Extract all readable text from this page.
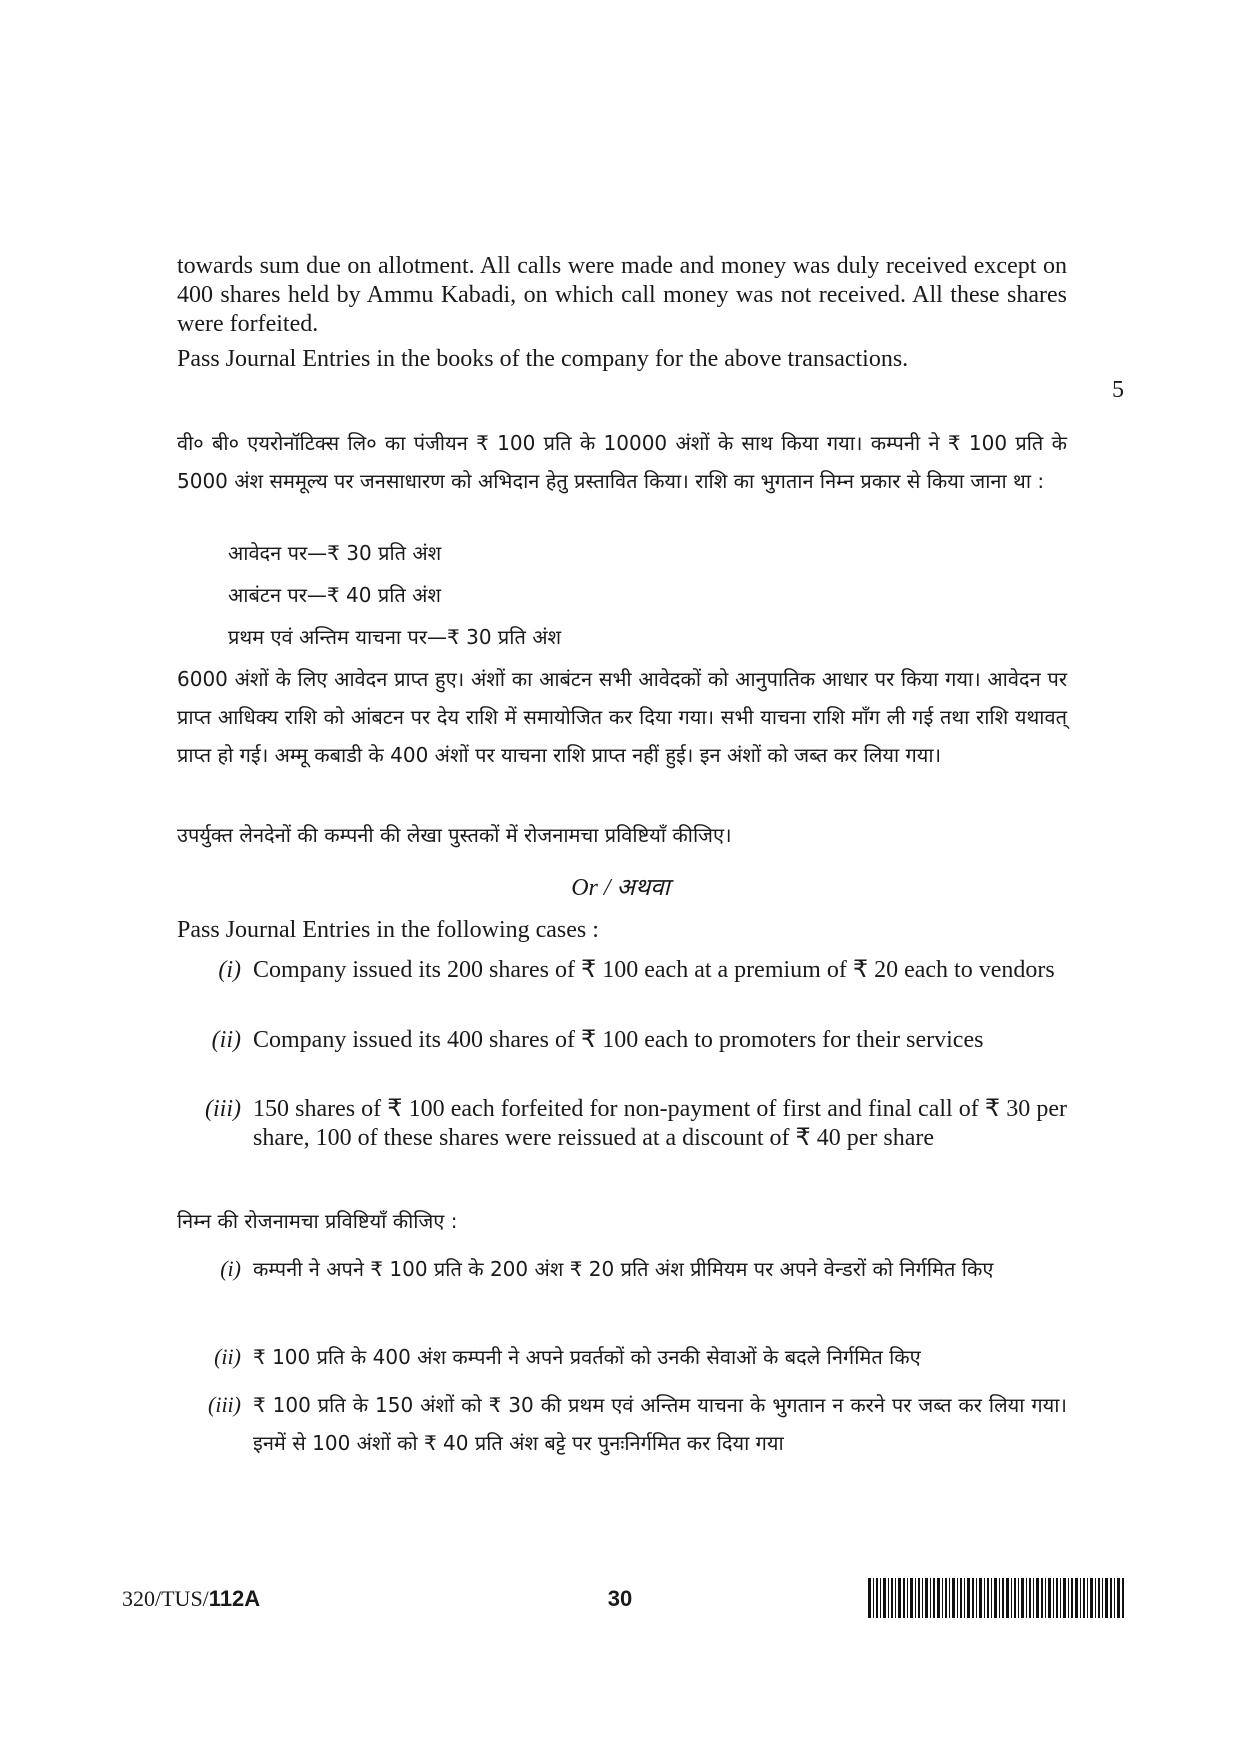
towards sum due on allotment. All calls were made and money was duly received except on 400 shares held by Ammu Kabadi, on which call money was not received. All these shares were forfeited.

Pass Journal Entries in the books of the company for the above transactions.

5

वी० बी० एयरोनॉटिक्स लि० का पंजीयन ₹ 100 प्रति के 10000 अंशों के साथ किया गया। कम्पनी ने ₹ 100 प्रति के 5000 अंश सममूल्य पर जनसाधारण को अभिदान हेतु प्रस्तावित किया। राशि का भुगतान निम्न प्रकार से किया जाना था :

आवेदन पर—₹ 30 प्रति अंश
आबंटन पर—₹ 40 प्रति अंश
प्रथम एवं अन्तिम याचना पर—₹ 30 प्रति अंश

6000 अंशों के लिए आवेदन प्राप्त हुए। अंशों का आबंटन सभी आवेदकों को आनुपातिक आधार पर किया गया। आवेदन पर प्राप्त आधिक्य राशि को आंबटन पर देय राशि में समायोजित कर दिया गया। सभी याचना राशि माँग ली गई तथा राशि यथावत् प्राप्त हो गई। अम्मू कबाडी के 400 अंशों पर याचना राशि प्राप्त नहीं हुई। इन अंशों को जब्त कर लिया गया।

उपर्युक्त लेनदेनों की कम्पनी की लेखा पुस्तकों में रोजनामचा प्रविष्टियाँ कीजिए।

Or / अथवा

Pass Journal Entries in the following cases :

(i) Company issued its 200 shares of ₹ 100 each at a premium of ₹ 20 each to vendors
(ii) Company issued its 400 shares of ₹ 100 each to promoters for their services
(iii) 150 shares of ₹ 100 each forfeited for non-payment of first and final call of ₹ 30 per share, 100 of these shares were reissued at a discount of ₹ 40 per share

निम्न की रोजनामचा प्रविष्टियाँ कीजिए :

(i) कम्पनी ने अपने ₹ 100 प्रति के 200 अंश ₹ 20 प्रति अंश प्रीमियम पर अपने वेन्डरों को निर्गमित किए
(ii) ₹ 100 प्रति के 400 अंश कम्पनी ने अपने प्रवर्तकों को उनकी सेवाओं के बदले निर्गमित किए
(iii) ₹ 100 प्रति के 150 अंशों को ₹ 30 की प्रथम एवं अन्तिम याचना के भुगतान न करने पर जब्त कर लिया गया। इनमें से 100 अंशों को ₹ 40 प्रति अंश बट्टे पर पुनःनिर्गमित कर दिया गया
320/TUS/112A	30
